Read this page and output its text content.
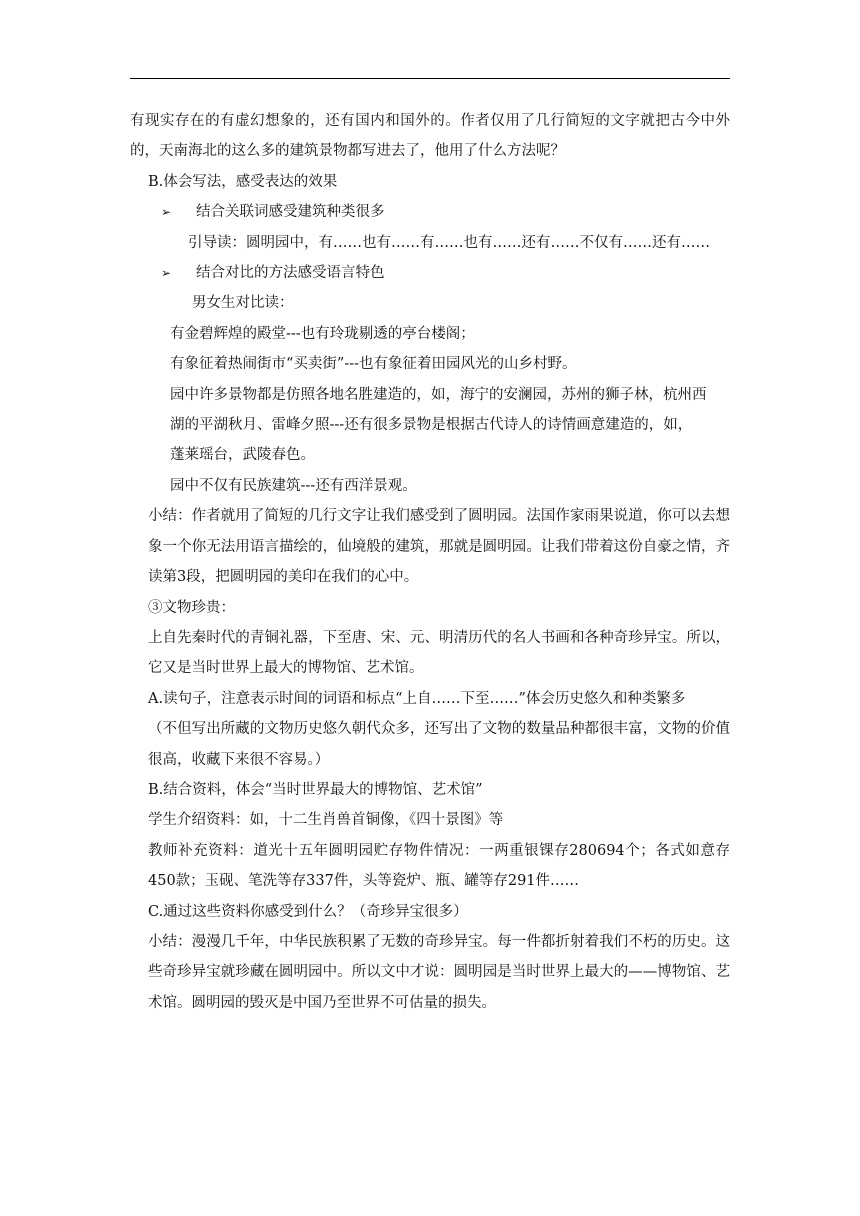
有现实存在的有虚幻想象的，还有国内和国外的。作者仅用了几行简短的文字就把古今中外的，天南海北的这么多的建筑景物都写进去了，他用了什么方法呢？

B.体会写法，感受表达的效果

➢	结合关联词感受建筑种类很多

引导读：圆明园中，有……也有……有……也有……还有……不仅有……还有……

➢	结合对比的方法感受语言特色

男女生对比读：

有金碧辉煌的殿堂---也有玲珑剔透的亭台楼阁；

有象征着热闹街市“买卖街”---也有象征着田园风光的山乡村野。

园中许多景物都是仿照各地名胜建造的，如，海宁的安澜园，苏州的狮子林，杭州西

湖的平湖秋月、雷峰夕照---还有很多景物是根据古代诗人的诗情画意建造的，如，

蓬莱瑶台，武陵春色。

园中不仅有民族建筑---还有西洋景观。

小结：作者就用了简短的几行文字让我们感受到了圆明园。法国作家雨果说道，你可以去想象一个你无法用语言描绘的，仙境般的建筑，那就是圆明园。让我们带着这份自豪之情，齐读第3段，把圆明园的美印在我们的心中。

③文物珍贵：

上自先秦时代的青铜礼器，下至唐、宋、元、明清历代的名人书画和各种奇珍异宝。所以，它又是当时世界上最大的博物馆、艺术馆。

A.读句子，注意表示时间的词语和标点“上自……下至……”体会历史悠久和种类繁多

（不但写出所藏的文物历史悠久朝代众多，还写出了文物的数量品种都很丰富，文物的价值很高，收藏下来很不容易。）

B.结合资料，体会“当时世界最大的博物馆、艺术馆”

学生介绍资料：如，十二生肖兽首铜像，《四十景图》等

教师补充资料：道光十五年圆明园贮存物件情况：一两重银锞存280694个；各式如意存450款；玉砚、笔洗等存337件，头等瓷炉、瓶、罐等存291件……

C.通过这些资料你感受到什么？（奇珍异宝很多）

小结：漫漫几千年，中华民族积累了无数的奇珍异宝。每一件都折射着我们不朽的历史。这些奇珍异宝就珍藏在圆明园中。所以文中才说：圆明园是当时世界上最大的——博物馆、艺术馆。圆明园的毁灭是中国乃至世界不可估量的损失。
